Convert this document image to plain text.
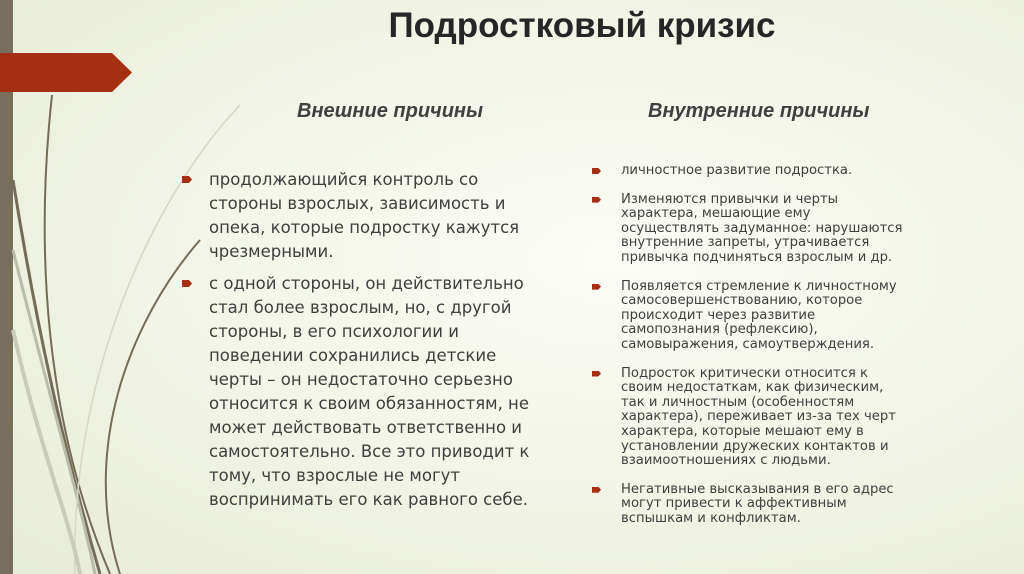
Подростковый кризис
Внешние причины	Внутренние причины
продолжающийся контроль со
стороны взрослых, зависимость и
опека, которые подростку кажутся
чрезмерными.
с одной стороны, он действительно
стал более взрослым, но, с другой
стороны, в его психологии и
поведении сохранились детские
черты – он недостаточно серьезно
относится к своим обязанностям, не
может действовать ответственно и
самостоятельно. Все это приводит к
тому, что взрослые не могут
воспринимать его как равного себе.
личностное развитие подростка.
Изменяются привычки и черты
характера, мешающие ему
осуществлять задуманное: нарушаются
внутренние запреты, утрачивается
привычка подчиняться взрослым и др.
Появляется стремление к личностному
самосовершенствованию, которое
происходит через развитие
самопознания (рефлексию),
самовыражения, самоутверждения.
Подросток критически относится к
своим недостаткам, как физическим,
так и личностным (особенностям
характера), переживает из-за тех черт
характера, которые мешают ему в
установлении дружеских контактов и
взаимоотношениях с людьми.
Негативные высказывания в его адрес
могут привести к аффективным
вспышкам и конфликтам.
